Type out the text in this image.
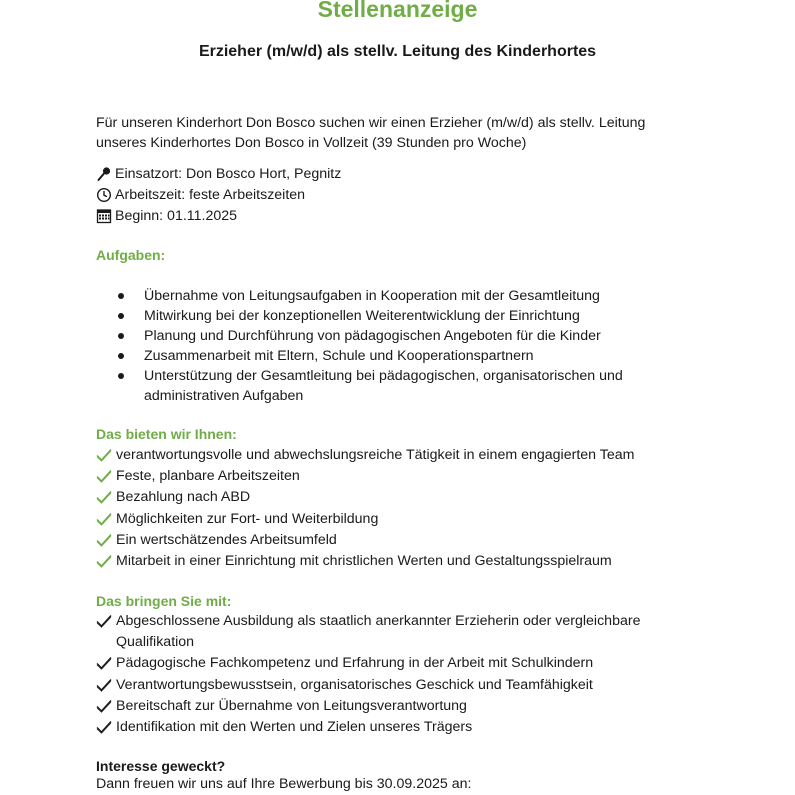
Stellenanzeige
Erzieher (m/w/d) als stellv. Leitung des Kinderhortes
Für unseren Kinderhort Don Bosco suchen wir einen Erzieher (m/w/d) als stellv. Leitung unseres Kinderhortes Don Bosco in Vollzeit (39 Stunden pro Woche)
Einsatzort: Don Bosco Hort, Pegnitz
Arbeitszeit: feste Arbeitszeiten
Beginn: 01.11.2025
Aufgaben:
Übernahme von Leitungsaufgaben in Kooperation mit der Gesamtleitung
Mitwirkung bei der konzeptionellen Weiterentwicklung der Einrichtung
Planung und Durchführung von pädagogischen Angeboten für die Kinder
Zusammenarbeit mit Eltern, Schule und Kooperationspartnern
Unterstützung der Gesamtleitung bei pädagogischen, organisatorischen und administrativen Aufgaben
Das bieten wir Ihnen:
verantwortungsvolle und abwechslungsreiche Tätigkeit in einem engagierten Team
Feste, planbare Arbeitszeiten
Bezahlung nach ABD
Möglichkeiten zur Fort- und Weiterbildung
Ein wertschätzendes Arbeitsumfeld
Mitarbeit in einer Einrichtung mit christlichen Werten und Gestaltungsspielraum
Das bringen Sie mit:
Abgeschlossene Ausbildung als staatlich anerkannter Erzieherin oder vergleichbare Qualifikation
Pädagogische Fachkompetenz und Erfahrung in der Arbeit mit Schulkindern
Verantwortungsbewusstsein, organisatorisches Geschick und Teamfähigkeit
Bereitschaft zur Übernahme von Leitungsverantwortung
Identifikation mit den Werten und Zielen unseres Trägers
Interesse geweckt?
Dann freuen wir uns auf Ihre Bewerbung bis 30.09.2025 an:
